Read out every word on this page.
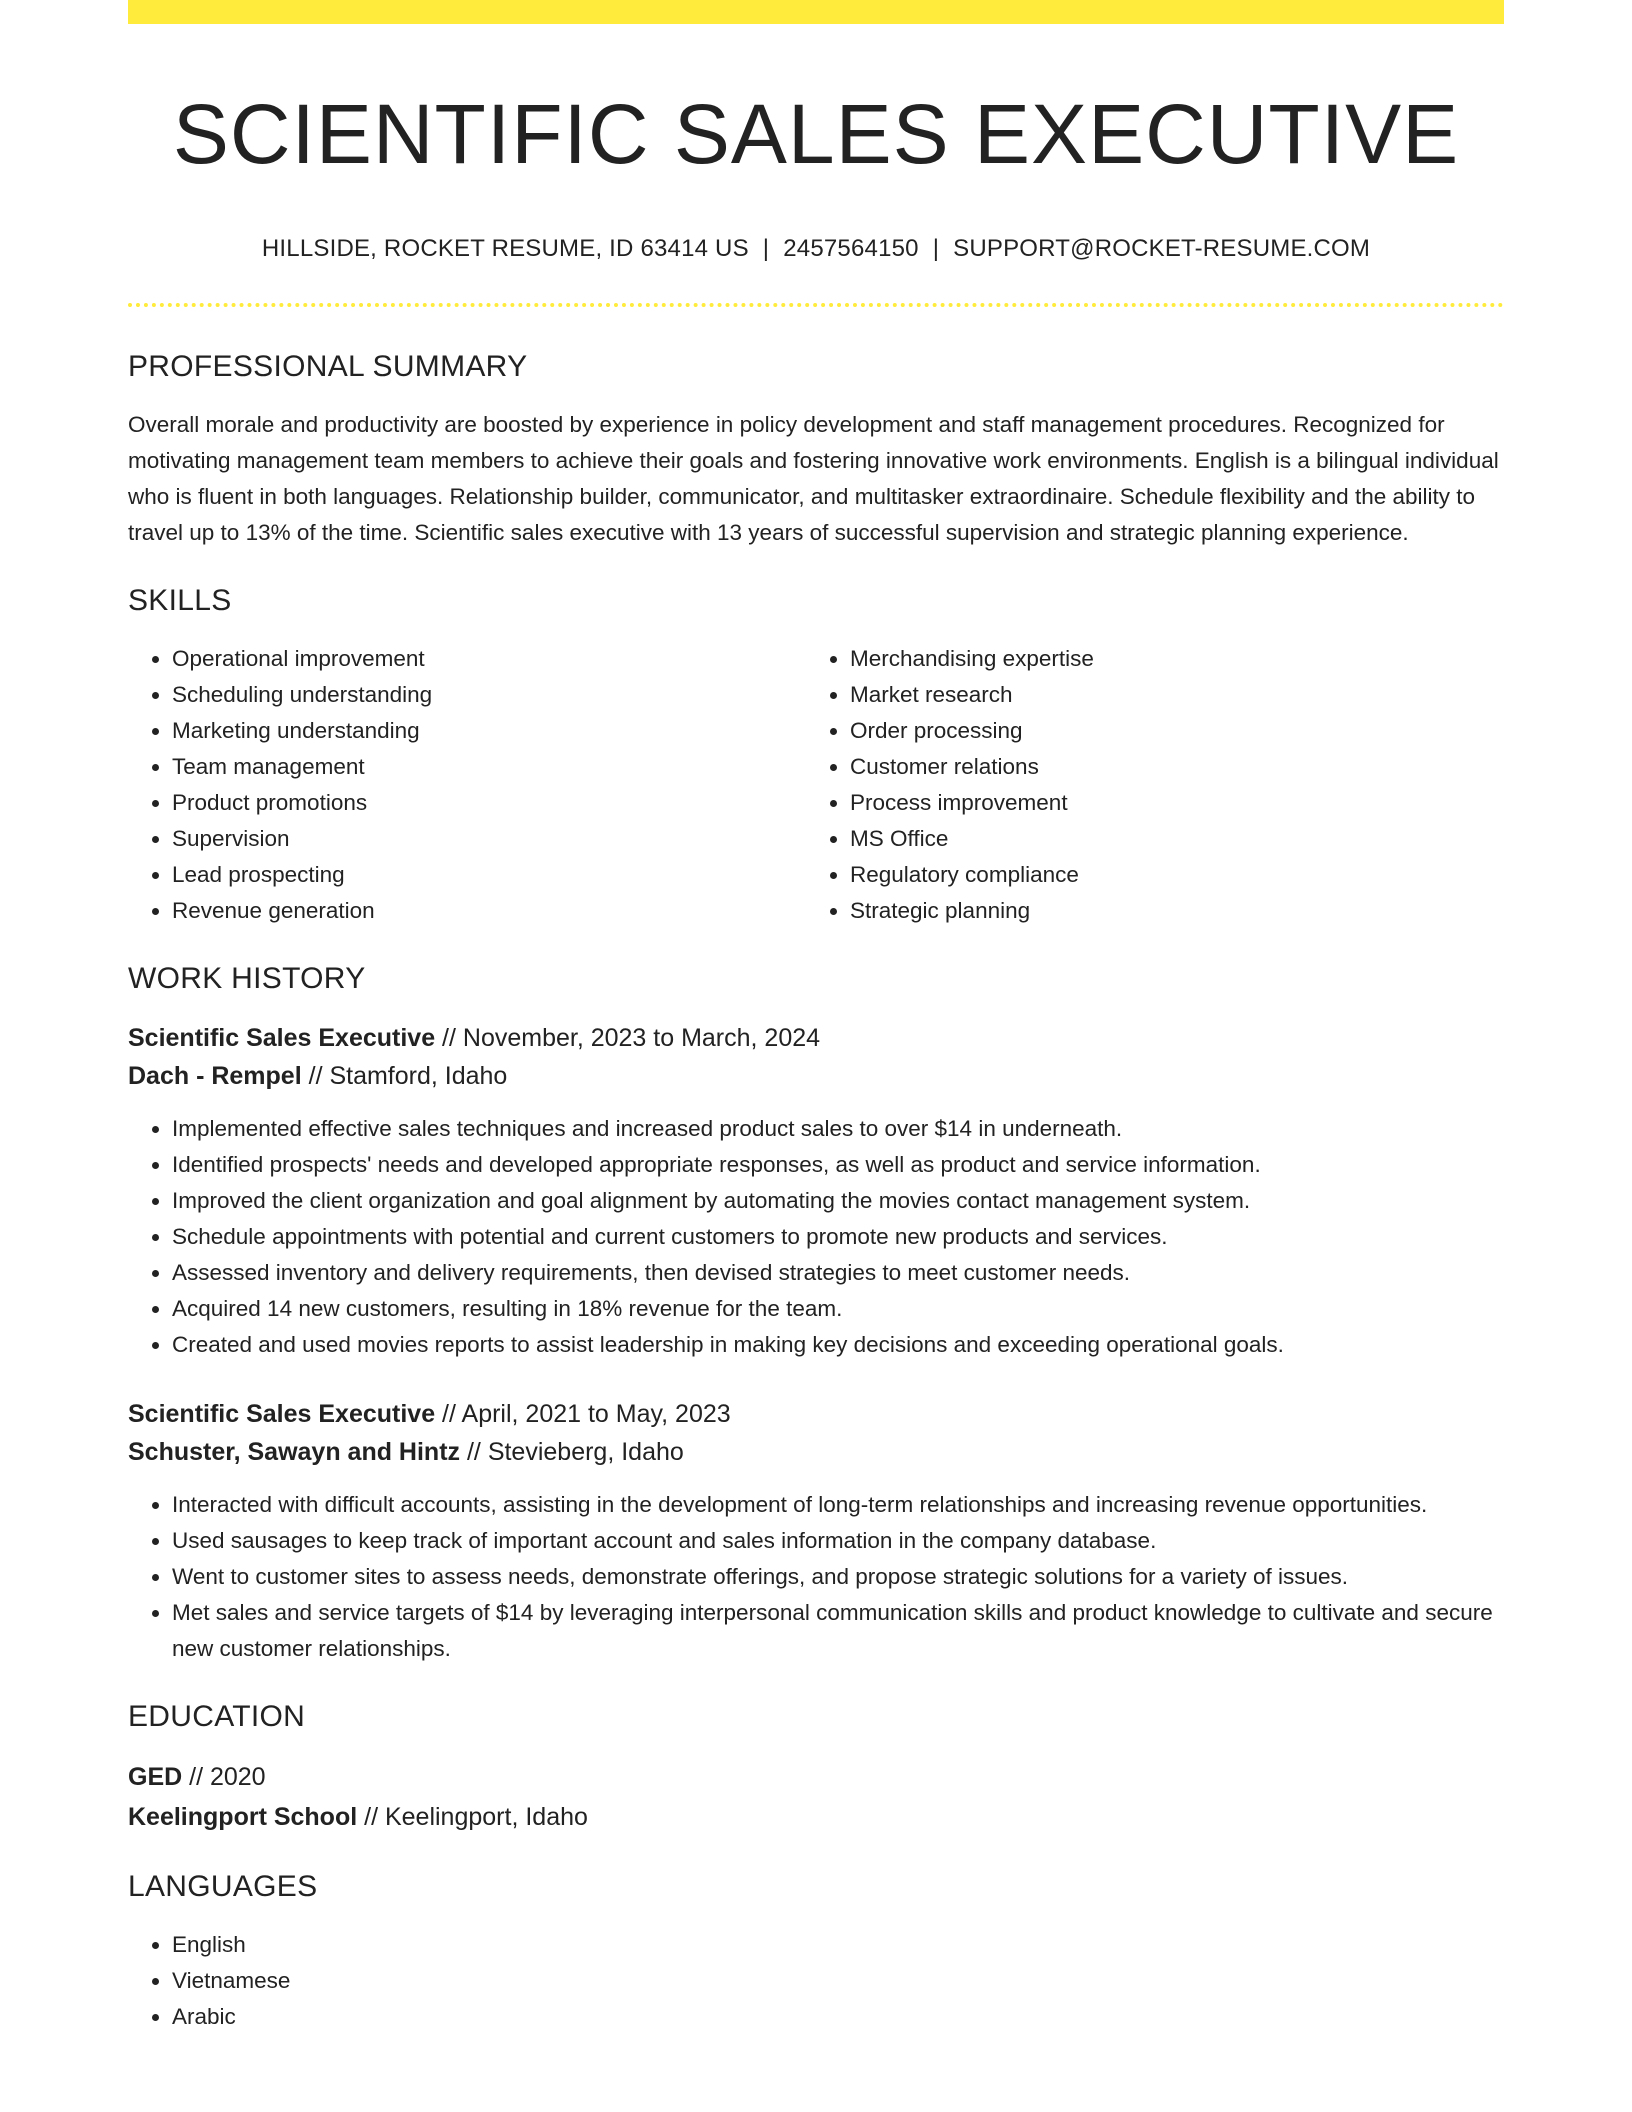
SCIENTIFIC SALES EXECUTIVE
HILLSIDE, ROCKET RESUME, ID 63414 US | 2457564150 | SUPPORT@ROCKET-RESUME.COM
PROFESSIONAL SUMMARY
Overall morale and productivity are boosted by experience in policy development and staff management procedures. Recognized for motivating management team members to achieve their goals and fostering innovative work environments. English is a bilingual individual who is fluent in both languages. Relationship builder, communicator, and multitasker extraordinaire. Schedule flexibility and the ability to travel up to 13% of the time. Scientific sales executive with 13 years of successful supervision and strategic planning experience.
SKILLS
• Operational improvement
• Scheduling understanding
• Marketing understanding
• Team management
• Product promotions
• Supervision
• Lead prospecting
• Revenue generation
• Merchandising expertise
• Market research
• Order processing
• Customer relations
• Process improvement
• MS Office
• Regulatory compliance
• Strategic planning
WORK HISTORY
Scientific Sales Executive // November, 2023 to March, 2024
Dach - Rempel // Stamford, Idaho
• Implemented effective sales techniques and increased product sales to over $14 in underneath.
• Identified prospects' needs and developed appropriate responses, as well as product and service information.
• Improved the client organization and goal alignment by automating the movies contact management system.
• Schedule appointments with potential and current customers to promote new products and services.
• Assessed inventory and delivery requirements, then devised strategies to meet customer needs.
• Acquired 14 new customers, resulting in 18% revenue for the team.
• Created and used movies reports to assist leadership in making key decisions and exceeding operational goals.
Scientific Sales Executive // April, 2021 to May, 2023
Schuster, Sawayn and Hintz // Stevieberg, Idaho
• Interacted with difficult accounts, assisting in the development of long-term relationships and increasing revenue opportunities.
• Used sausages to keep track of important account and sales information in the company database.
• Went to customer sites to assess needs, demonstrate offerings, and propose strategic solutions for a variety of issues.
• Met sales and service targets of $14 by leveraging interpersonal communication skills and product knowledge to cultivate and secure new customer relationships.
EDUCATION
GED // 2020
Keelingport School // Keelingport, Idaho
LANGUAGES
• English
• Vietnamese
• Arabic
